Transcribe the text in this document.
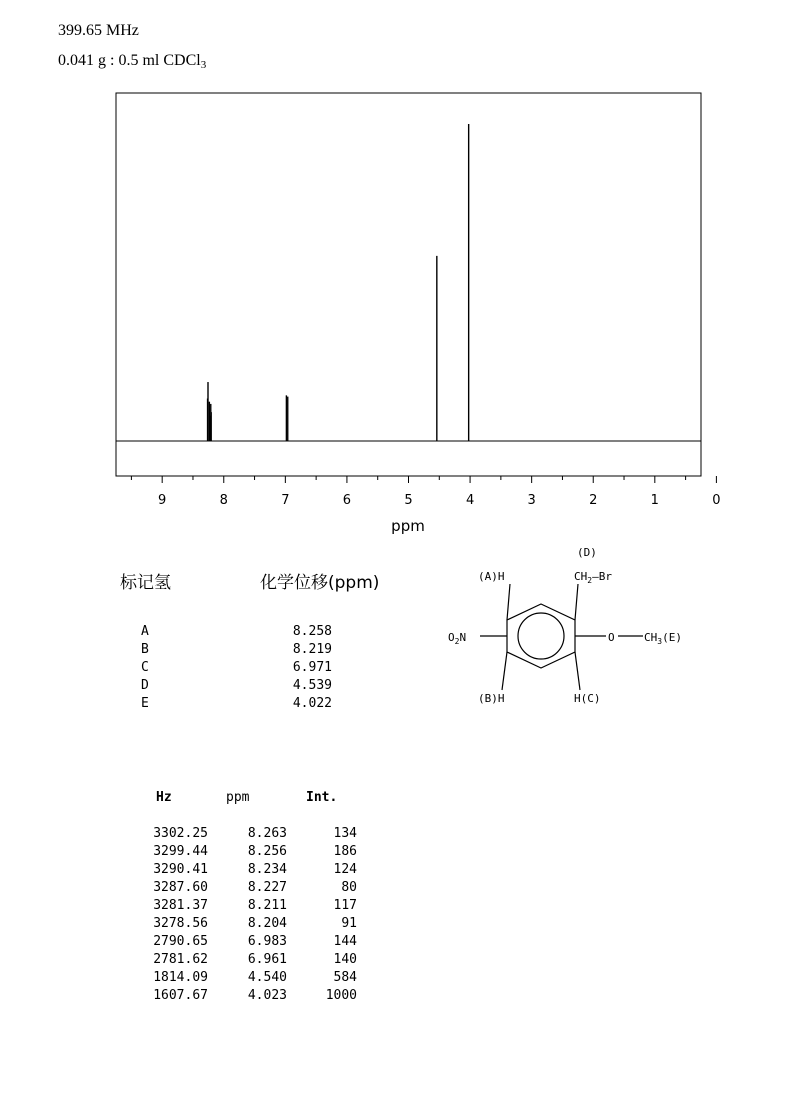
399.65 MHz
0.041 g : 0.5 ml CDCl$_3$
9	8	7	6	5	4	3	2	1	0
ppm
标记氢	化学位移(ppm)
A	8.258
B	8.219
C	6.971
D	4.539
E	4.022
(D)
(A)H	$CH_2—Br$
$O_2N$	O	$CH_3(E)$
(B)H	H(C)
Hz	ppm	Int.
3302.25	8.263	134
3299.44	8.256	186
3290.41	8.234	124
3287.60	8.227	80
3281.37	8.211	117
3278.56	8.204	91
2790.65	6.983	144
2781.62	6.961	140
1814.09	4.540	584
1607.67	4.023	1000
